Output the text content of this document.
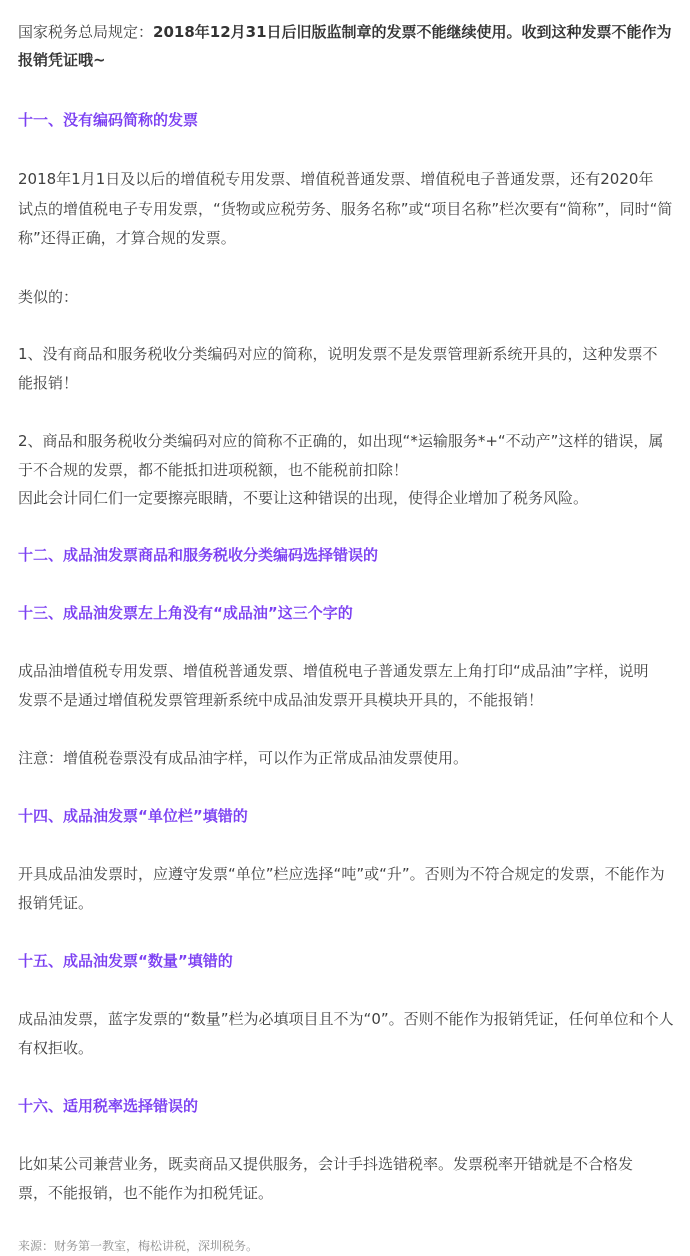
国家税务总局规定：2018年12月31日后旧版监制章的发票不能继续使用。收到这种发票不能作为
报销凭证哦~
十一、没有编码简称的发票
2018年1月1日及以后的增值税专用发票、增值税普通发票、增值税电子普通发票，还有2020年
试点的增值税电子专用发票，“货物或应税劳务、服务名称”或“项目名称”栏次要有“简称”，同时“简
称”还得正确，才算合规的发票。
类似的：
1、没有商品和服务税收分类编码对应的简称，说明发票不是发票管理新系统开具的，这种发票不
能报销！
2、商品和服务税收分类编码对应的简称不正确的，如出现“*运输服务*+“不动产”这样的错误，属
于不合规的发票，都不能抵扣进项税额，也不能税前扣除！
因此会计同仁们一定要擦亮眼睛，不要让这种错误的出现，使得企业增加了税务风险。
十二、成品油发票商品和服务税收分类编码选择错误的
十三、成品油发票左上角没有“成品油”这三个字的
成品油增值税专用发票、增值税普通发票、增值税电子普通发票左上角打印“成品油”字样，说明
发票不是通过增值税发票管理新系统中成品油发票开具模块开具的，不能报销！
注意：增值税卷票没有成品油字样，可以作为正常成品油发票使用。
十四、成品油发票“单位栏”填错的
开具成品油发票时，应遵守发票“单位”栏应选择“吨”或“升”。否则为不符合规定的发票，不能作为
报销凭证。
十五、成品油发票“数量”填错的
成品油发票，蓝字发票的“数量”栏为必填项目且不为“0”。否则不能作为报销凭证，任何单位和个人
有权拒收。
十六、适用税率选择错误的
比如某公司兼营业务，既卖商品又提供服务，会计手抖选错税率。发票税率开错就是不合格发
票，不能报销，也不能作为扣税凭证。
来源：财务第一教室，梅松讲税，深圳税务。
